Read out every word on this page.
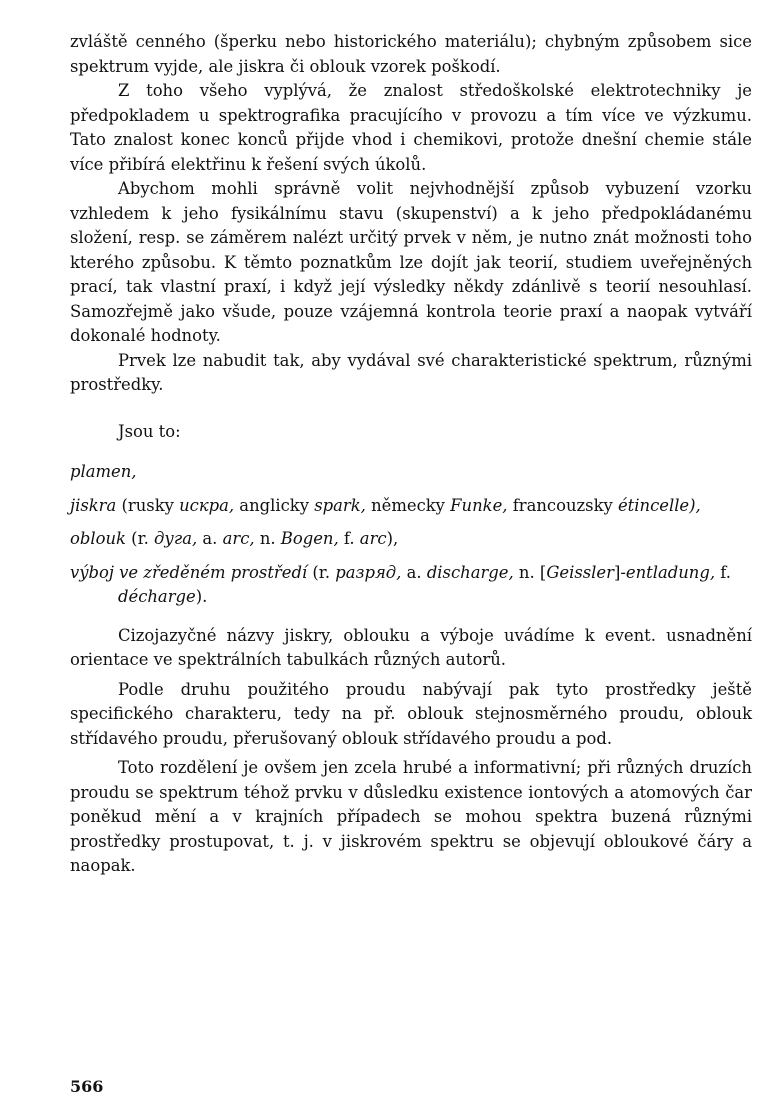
zvláště cenného (šperku nebo historického materiálu); chybným způsobem sice spektrum vyjde, ale jiskra či oblouk vzorek poškodí.

Z toho všeho vyplývá, že znalost středoškolské elektrotechniky je předpokladem u spektrografika pracujícího v provozu a tím více ve výzkumu. Tato znalost konec konců přijde vhod i chemikovi, protože dnešní chemie stále více přibírá elektřinu k řešení svých úkolů.

Abychom mohli správně volit nejvhodnější způsob vybuzení vzorku vzhledem k jeho fysikálnímu stavu (skupenství) a k jeho předpokládanému složení, resp. se záměrem nalézt určitý prvek v něm, je nutno znát možnosti toho kterého způsobu. K těmto poznatkům lze dojít jak teorií, studiem uveřejněných prací, tak vlastní praxí, i když její výsledky někdy zdánlivě s teorií nesouhlasí. Samozřejmě jako všude, pouze vzájemná kontrola teorie praxí a naopak vytváří dokonalé hodnoty.

Prvek lze nabudit tak, aby vydával své charakteristické spektrum, různými prostředky.

Jsou to:

plamen,

jiskra (rusky искра, anglicky spark, německy Funke, francouzsky étincelle),

oblouk (r. дуга, a. arc, n. Bogen, f. arc),

výboj ve zředěném prostředí (r. разряд, a. discharge, n. [Geissler]-entladung, f. décharge).

Cizojazyčné názvy jiskry, oblouku a výboje uvádíme k event. usnadnění orientace ve spektrálních tabulkách různých autorů.

Podle druhu použitého proudu nabývají pak tyto prostředky ještě specifického charakteru, tedy na př. oblouk stejnosměrného proudu, oblouk střídavého proudu, přerušovaný oblouk střídavého proudu a pod.

Toto rozdělení je ovšem jen zcela hrubé a informativní; při různých druzích proudu se spektrum téhož prvku v důsledku existence iontových a atomových čar poněkud mění a v krajních případech se mohou spektra buzená různými prostředky prostupovat, t. j. v jiskrovém spektru se objevují obloukové čáry a naopak.

566
